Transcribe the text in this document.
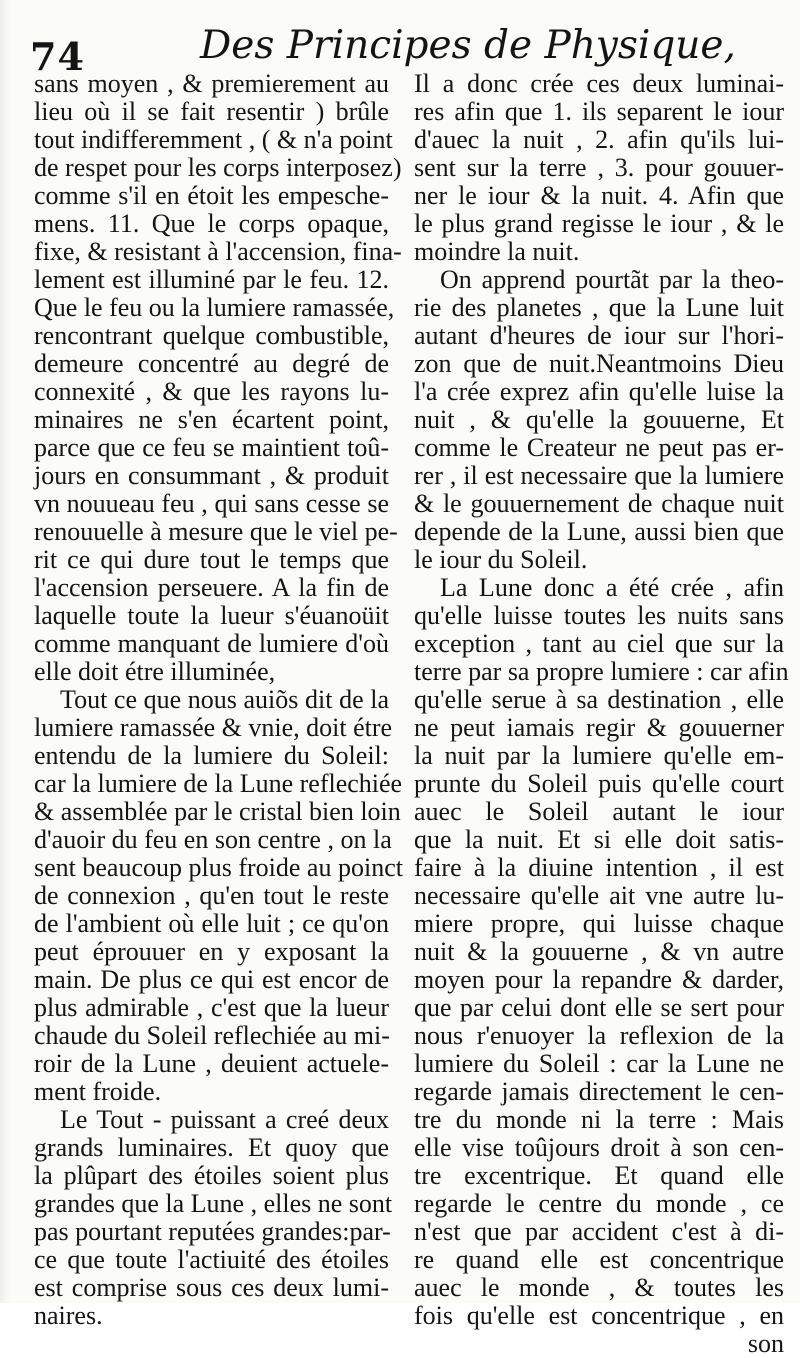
74	Des Principes de Physique,
sans moyen , & premierement au
lieu où il se fait resentir ) brûle
tout indifferemment , ( & n'a point
de respet pour les corps interposez)
comme s'il en étoit les empesche-
mens. 11. Que le corps opaque,
fixe, & resistant à l'accension, fina-
lement est illuminé par le feu. 12.
Que le feu ou la lumiere ramassée,
rencontrant quelque combustible,
demeure concentré au degré de
connexité , & que les rayons lu-
minaires ne s'en écartent point,
parce que ce feu se maintient toû-
jours en consummant , & produit
vn nouueau feu , qui sans cesse se
renouuelle à mesure que le viel pe-
rit ce qui dure tout le temps que
l'accension perseuere. A la fin de
laquelle toute la lueur s'éuanoüit
comme manquant de lumiere d'où
elle doit étre illuminée,
Tout ce que nous auiõs dit de la
lumiere ramassée & vnie, doit étre
entendu de la lumiere du Soleil:
car la lumiere de la Lune reflechiée
& assemblée par le cristal bien loin
d'auoir du feu en son centre , on la
sent beaucoup plus froide au poinct
de connexion , qu'en tout le reste
de l'ambient où elle luit ; ce qu'on
peut éprouuer en y exposant la
main. De plus ce qui est encor de
plus admirable , c'est que la lueur
chaude du Soleil reflechiée au mi-
roir de la Lune , deuient actuele-
ment froide.
Le Tout - puissant a creé deux
grands luminaires. Et quoy que
la plûpart des étoiles soient plus
grandes que la Lune , elles ne sont
pas pourtant reputées grandes:par-
ce que toute l'actiuité des étoiles
est comprise sous ces deux lumi-
naires.
Il a donc crée ces deux luminai-
res afin que 1. ils separent le iour
d'auec la nuit , 2. afin qu'ils lui-
sent sur la terre , 3. pour gouuer-
ner le iour & la nuit. 4. Afin que
le plus grand regisse le iour , & le
moindre la nuit.
On apprend pourtãt par la theo-
rie des planetes , que la Lune luit
autant d'heures de iour sur l'hori-
zon que de nuit.Neantmoins Dieu
l'a crée exprez afin qu'elle luise la
nuit , & qu'elle la gouuerne, Et
comme le Createur ne peut pas er-
rer , il est necessaire que la lumiere
& le gouuernement de chaque nuit
depende de la Lune, aussi bien que
le iour du Soleil.
La Lune donc a été crée , afin
qu'elle luisse toutes les nuits sans
exception , tant au ciel que sur la
terre par sa propre lumiere : car afin
qu'elle serue à sa destination , elle
ne peut iamais regir & gouuerner
la nuit par la lumiere qu'elle em-
prunte du Soleil puis qu'elle court
auec le Soleil autant le iour
que la nuit. Et si elle doit satis-
faire à la diuine intention , il est
necessaire qu'elle ait vne autre lu-
miere propre, qui luisse chaque
nuit & la gouuerne , & vn autre
moyen pour la repandre & darder,
que par celui dont elle se sert pour
nous r'enuoyer la reflexion de la
lumiere du Soleil : car la Lune ne
regarde jamais directement le cen-
tre du monde ni la terre : Mais
elle vise toûjours droit à son cen-
tre excentrique. Et quand elle
regarde le centre du monde , ce
n'est que par accident c'est à di-
re quand elle est concentrique
auec le monde , & toutes les
fois qu'elle est concentrique , en
son
